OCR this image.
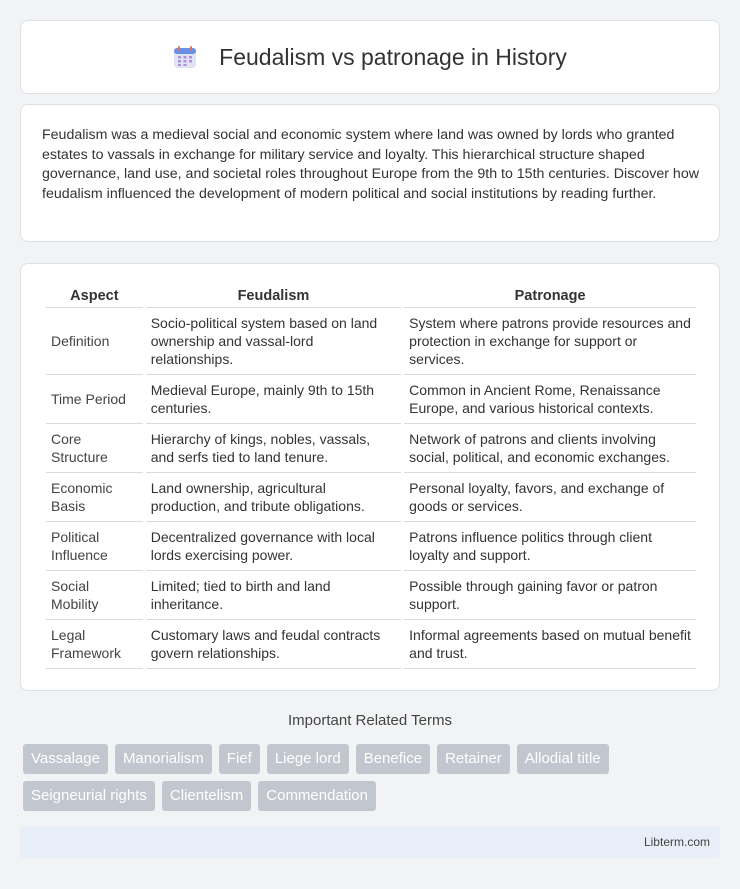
Feudalism vs patronage in History

Feudalism was a medieval social and economic system where land was owned by lords who granted estates to vassals in exchange for military service and loyalty. This hierarchical structure shaped governance, land use, and societal roles throughout Europe from the 9th to 15th centuries. Discover how feudalism influenced the development of modern political and social institutions by reading further.

Aspect	Feudalism	Patronage
Definition	Socio-political system based on land ownership and vassal-lord relationships.	System where patrons provide resources and protection in exchange for support or services.
Time Period	Medieval Europe, mainly 9th to 15th centuries.	Common in Ancient Rome, Renaissance Europe, and various historical contexts.
Core Structure	Hierarchy of kings, nobles, vassals, and serfs tied to land tenure.	Network of patrons and clients involving social, political, and economic exchanges.
Economic Basis	Land ownership, agricultural production, and tribute obligations.	Personal loyalty, favors, and exchange of goods or services.
Political Influence	Decentralized governance with local lords exercising power.	Patrons influence politics through client loyalty and support.
Social Mobility	Limited; tied to birth and land inheritance.	Possible through gaining favor or patron support.
Legal Framework	Customary laws and feudal contracts govern relationships.	Informal agreements based on mutual benefit and trust.
Important Related Terms
Vassalage	Manorialism	Fief	Liege lord	Benefice	Retainer	Allodial title
Seigneurial rights	Clientelism	Commendation
Libterm.com
